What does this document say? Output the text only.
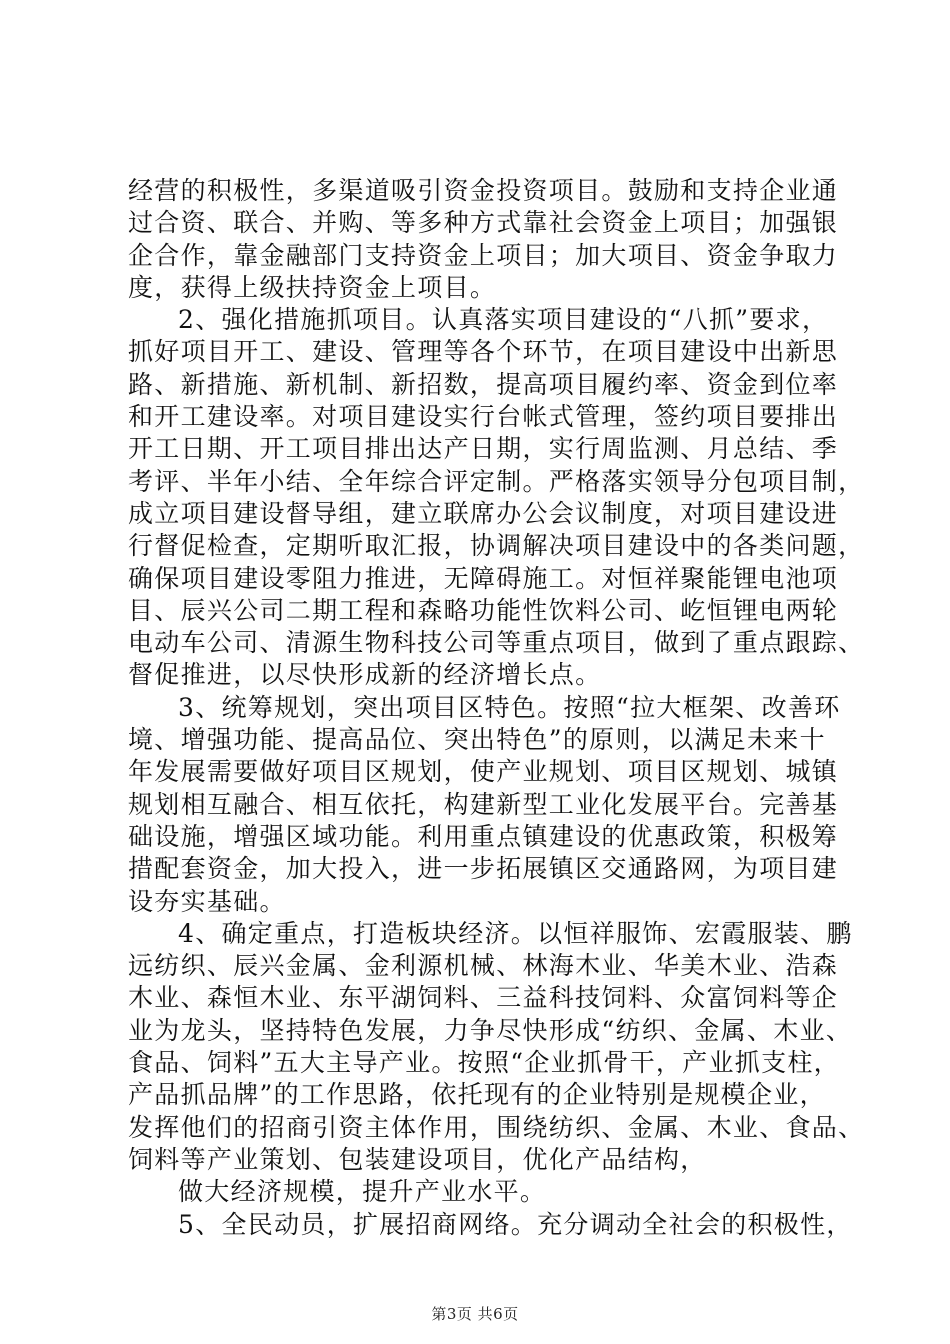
经营的积极性，多渠道吸引资金投资项目。鼓励和支持企业通
过合资、联合、并购、等多种方式靠社会资金上项目；加强银
企合作，靠金融部门支持资金上项目；加大项目、资金争取力
度，获得上级扶持资金上项目。
2、强化措施抓项目。认真落实项目建设的“八抓”要求，
抓好项目开工、建设、管理等各个环节，在项目建设中出新思
路、新措施、新机制、新招数，提高项目履约率、资金到位率
和开工建设率。对项目建设实行台帐式管理，签约项目要排出
开工日期、开工项目排出达产日期，实行周监测、月总结、季
考评、半年小结、全年综合评定制。严格落实领导分包项目制，
成立项目建设督导组，建立联席办公会议制度，对项目建设进
行督促检查，定期听取汇报，协调解决项目建设中的各类问题，
确保项目建设零阻力推进，无障碍施工。对恒祥聚能锂电池项
目、辰兴公司二期工程和森略功能性饮料公司、屹恒锂电两轮
电动车公司、清源生物科技公司等重点项目，做到了重点跟踪、
督促推进，以尽快形成新的经济增长点。
3、统筹规划，突出项目区特色。按照“拉大框架、改善环
境、增强功能、提高品位、突出特色”的原则，以满足未来十
年发展需要做好项目区规划，使产业规划、项目区规划、城镇
规划相互融合、相互依托，构建新型工业化发展平台。完善基
础设施，增强区域功能。利用重点镇建设的优惠政策，积极筹
措配套资金，加大投入，进一步拓展镇区交通路网，为项目建
设夯实基础。
4、确定重点，打造板块经济。以恒祥服饰、宏霞服装、鹏
远纺织、辰兴金属、金利源机械、林海木业、华美木业、浩森
木业、森恒木业、东平湖饲料、三益科技饲料、众富饲料等企
业为龙头，坚持特色发展，力争尽快形成“纺织、金属、木业、
食品、饲料”五大主导产业。按照“企业抓骨干，产业抓支柱，
产品抓品牌”的工作思路，依托现有的企业特别是规模企业，
发挥他们的招商引资主体作用，围绕纺织、金属、木业、食品、
饲料等产业策划、包装建设项目，优化产品结构，
做大经济规模，提升产业水平。
5、全民动员，扩展招商网络。充分调动全社会的积极性，
第3页 共6页
